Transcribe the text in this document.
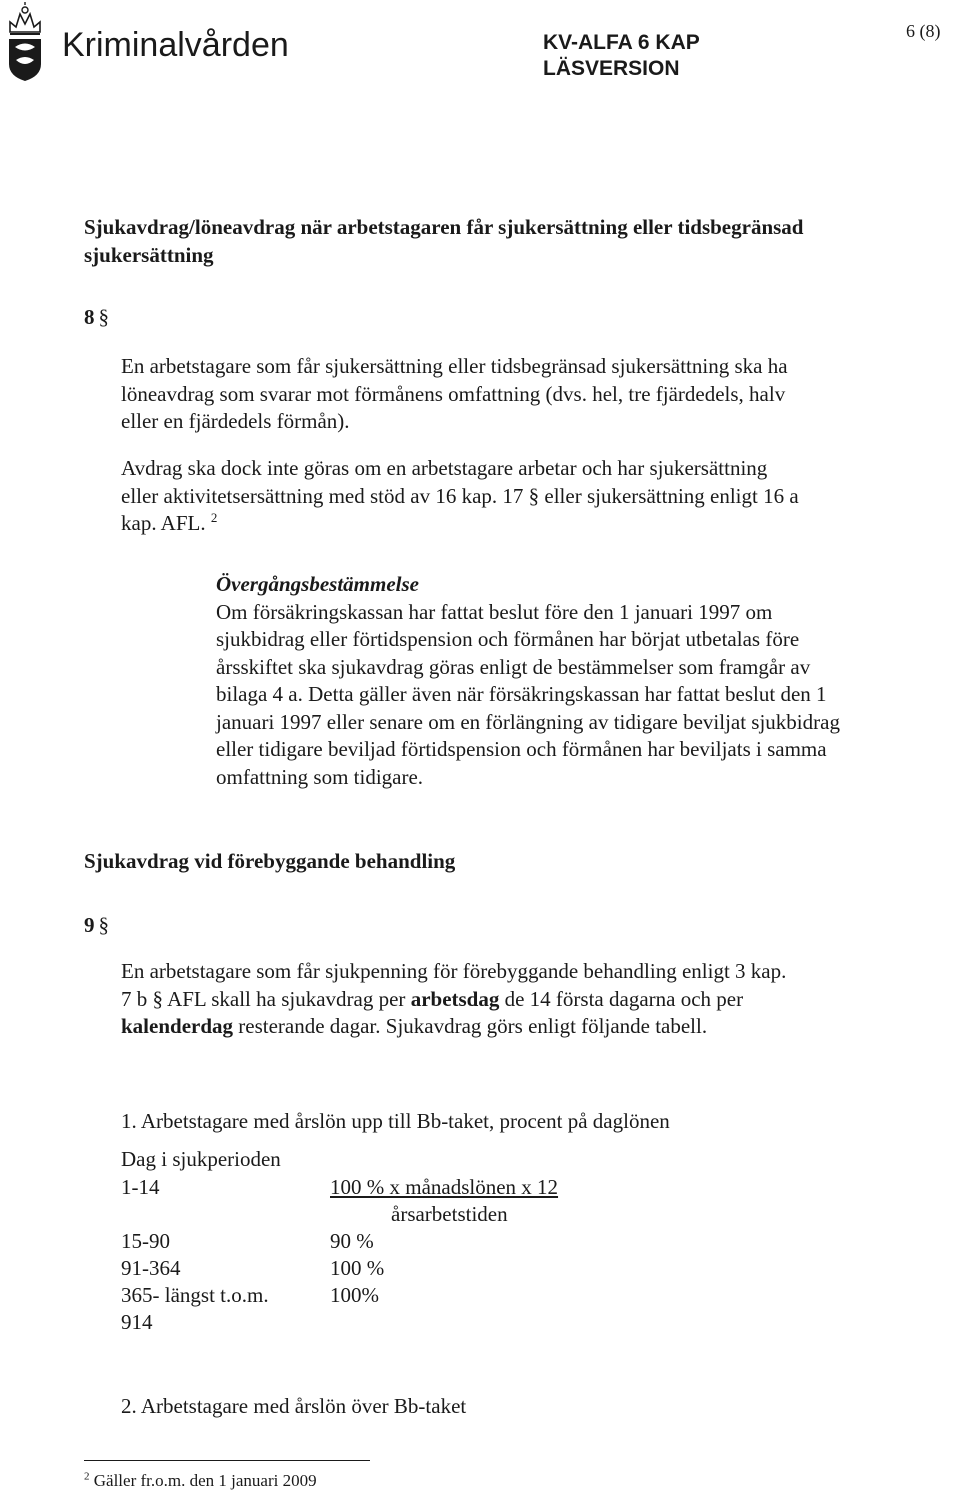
Kriminalvården	KV-ALFA 6 KAP
LÄSVERSION
6 (8)
Sjukavdrag/löneavdrag när arbetstagaren får sjukersättning eller tidsbegränsad
sjukersättning
8 §
En arbetstagare som får sjukersättning eller tidsbegränsad sjukersättning ska ha
löneavdrag som svarar mot förmånens omfattning (dvs. hel, tre fjärdedels, halv
eller en fjärdedels förmån).
Avdrag ska dock inte göras om en arbetstagare arbetar och har sjukersättning
eller aktivitetsersättning med stöd av 16 kap. 17 § eller sjukersättning enligt 16 a
kap. AFL. $^2$
Övergångsbestämmelse
Om försäkringskassan har fattat beslut före den 1 januari 1997 om
sjukbidrag eller förtidspension och förmånen har börjat utbetalas före
årsskiftet ska sjukavdrag göras enligt de bestämmelser som framgår av
bilaga 4 a. Detta gäller även när försäkringskassan har fattat beslut den 1
januari 1997 eller senare om en förlängning av tidigare beviljat sjukbidrag
eller tidigare beviljad förtidspension och förmånen har beviljats i samma
omfattning som tidigare.
Sjukavdrag vid förebyggande behandling
9 §
En arbetstagare som får sjukpenning för förebyggande behandling enligt 3 kap.
7 b § AFL skall ha sjukavdrag per arbetsdag de 14 första dagarna och per
kalenderdag resterande dagar. Sjukavdrag görs enligt följande tabell.
1. Arbetstagare med årslön upp till Bb-taket, procent på daglönen
Dag i sjukperioden
1-14	100 % x månadslönen x 12
årsarbetstiden
15-90	90 %
91-364	100 %
365- längst t.o.m.	100%
914
2. Arbetstagare med årslön över Bb-taket
$^2$ Gäller fr.o.m. den 1 januari 2009
